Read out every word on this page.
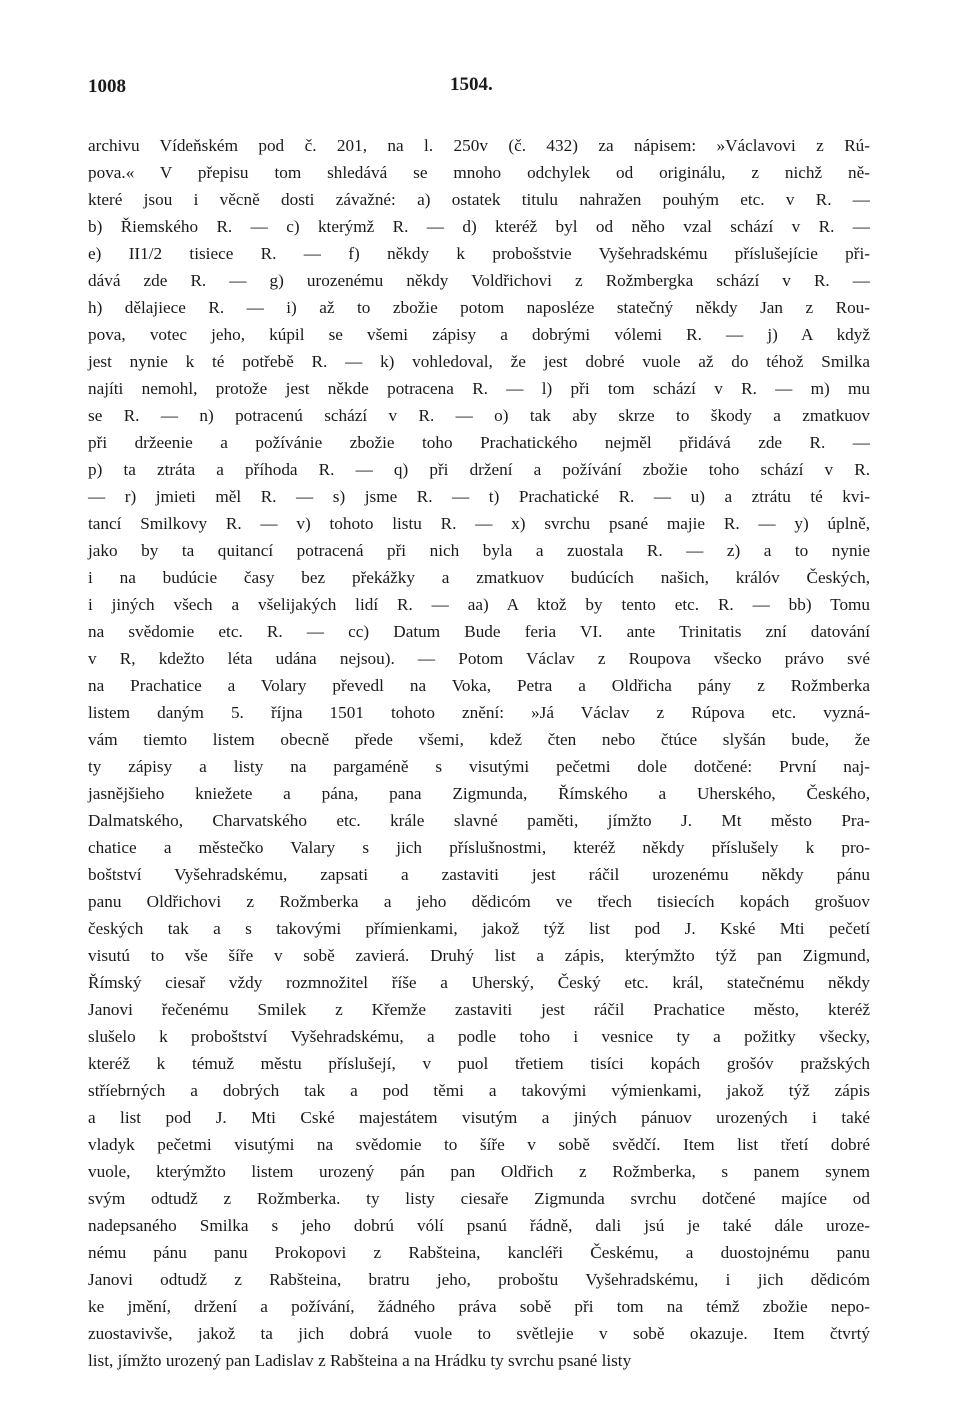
1008	1504.
archivu Vídeňském pod č. 201, na l. 250v (č. 432) za nápisem: »Václavovi z Rú-
pova.« V přepisu tom shledává se mnoho odchylek od originálu, z nichž ně-
které jsou i věcně dosti závažné: a) ostatek titulu nahražen pouhým etc. v R. —
b) Řiemského R. — c) kterýmž R. — d) kteréž byl od něho vzal schází v R. —
e) II1/2 tisiece R. — f) někdy k probošstvie Vyšehradskému příslušejície při-
dává zde R. — g) urozenému někdy Voldřichovi z Rožmbergka schází v R. —
h) dělajiece R. — i) až to zbožie potom naposléze statečný někdy Jan z Rou-
pova, votec jeho, kúpil se všemi zápisy a dobrými vólemi R. — j) A když
jest nynie k té potřebě R. — k) vohledoval, že jest dobré vuole až do téhož Smilka
najíti nemohl, protože jest někde potracena R. — l) při tom schází v R. — m) mu
se R. — n) potracenú schází v R. — o) tak aby skrze to škody a zmatkuov
při držeenie a požívánie zbožie toho Prachatického nejměl přidává zde R. —
p) ta ztráta a příhoda R. — q) při držení a požívání zbožie toho schází v R.
— r) jmieti měl R. — s) jsme R. — t) Prachatické R. — u) a ztrátu té kvi-
tancí Smilkovy R. — v) tohoto listu R. — x) svrchu psané majie R. — y) úplně,
jako by ta quitancí potracená při nich byla a zuostala R. — z) a to nynie
i na budúcie časy bez překážky a zmatkuov budúcích našich, králóv Českých,
i jiných všech a všelijakých lidí R. — aa) A ktož by tento etc. R. — bb) Tomu
na svědomie etc. R. — cc) Datum Bude feria VI. ante Trinitatis zní datování
v R, kdežto léta udána nejsou). — Potom Václav z Roupova všecko právo své
na Prachatice a Volary převedl na Voka, Petra a Oldřicha pány z Rožmberka
listem daným 5. října 1501 tohoto znění: »Já Václav z Rúpova etc. vyzná-
vám tiemto listem obecně přede všemi, kdež čten nebo čtúce slyšán bude, že
ty zápisy a listy na pargaméně s visutými pečetmi dole dotčené: První naj-
jasnějšieho kniežete a pána, pana Zigmunda, Římského a Uherského, Českého,
Dalmatského, Charvatského etc. krále slavné paměti, jímžto J. Mt město Pra-
chatice a městečko Valary s jich příslušnostmi, kteréž někdy příslušely k pro-
boštství Vyšehradskému, zapsati a zastaviti jest ráčil urozenému někdy pánu
panu Oldřichovi z Rožmberka a jeho dědicóm ve třech tisiecích kopách grošuov
českých tak a s takovými přímienkami, jakož týž list pod J. Kské Mti pečetí
visutú to vše šíře v sobě zavierá. Druhý list a zápis, kterýmžto týž pan Zigmund,
Římský ciesař vždy rozmnožitel říše a Uherský, Český etc. král, statečnému někdy
Janovi řečenému Smilek z Křemže zastaviti jest ráčil Prachatice město, kteréž
slušelo k proboštství Vyšehradskému, a podle toho i vesnice ty a požitky všecky,
kteréž k témuž městu příslušejí, v puol třetiem tisíci kopách grošóv pražských
stříebrných a dobrých tak a pod těmi a takovými výmienkami, jakož týž zápis
a list pod J. Mti Cské majestátem visutým a jiných pánuov urozených i také
vladyk pečetmi visutými na svědomie to šíře v sobě svědčí. Item list třetí dobré
vuole, kterýmžto listem urozený pán pan Oldřich z Rožmberka, s panem synem
svým odtudž z Rožmberka. ty listy ciesaře Zigmunda svrchu dotčené majíce od
nadepsaného Smilka s jeho dobrú vólí psanú řádně, dali jsú je také dále uroze-
nému pánu panu Prokopovi z Rabšteina, kancléři Českému, a duostojnému panu
Janovi odtudž z Rabšteina, bratru jeho, proboštu Vyšehradskému, i jich dědicóm
ke jmění, držení a požívání, žádného práva sobě při tom na témž zbožie nepo-
zuostavivše, jakož ta jich dobrá vuole to světlejie v sobě okazuje. Item čtvrtý
list, jímžto urozený pan Ladislav z Rabšteina a na Hrádku ty svrchu psané listy
